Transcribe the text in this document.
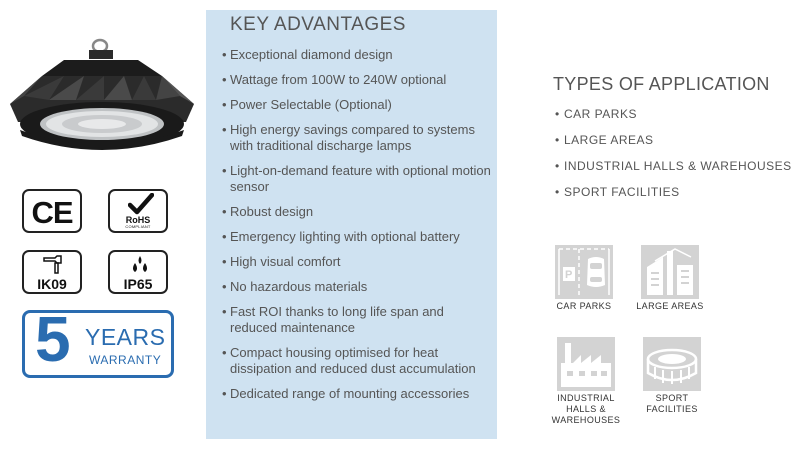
CE	RoHS
COMPLIANT
IK09	IP65
5 YEARS
WARRANTY
KEY ADVANTAGES
• Exceptional diamond design
• Wattage from 100W to 240W optional
• Power Selectable (Optional)
• High energy savings compared to systems with traditional discharge lamps
• Light-on-demand feature with optional motion sensor
• Robust design
• Emergency lighting with optional battery
• High visual comfort
• No hazardous materials
• Fast ROI thanks to long life span and reduced maintenance
• Compact housing optimised for heat dissipation and reduced dust accumulation
• Dedicated range of mounting accessories
TYPES OF APPLICATION
• CAR PARKS
• LARGE AREAS
• INDUSTRIAL HALLS & WAREHOUSES
• SPORT FACILITIES
P
CAR PARKS	LARGE AREAS
INDUSTRIAL HALLS & WAREHOUSES
SPORT FACILITIES
